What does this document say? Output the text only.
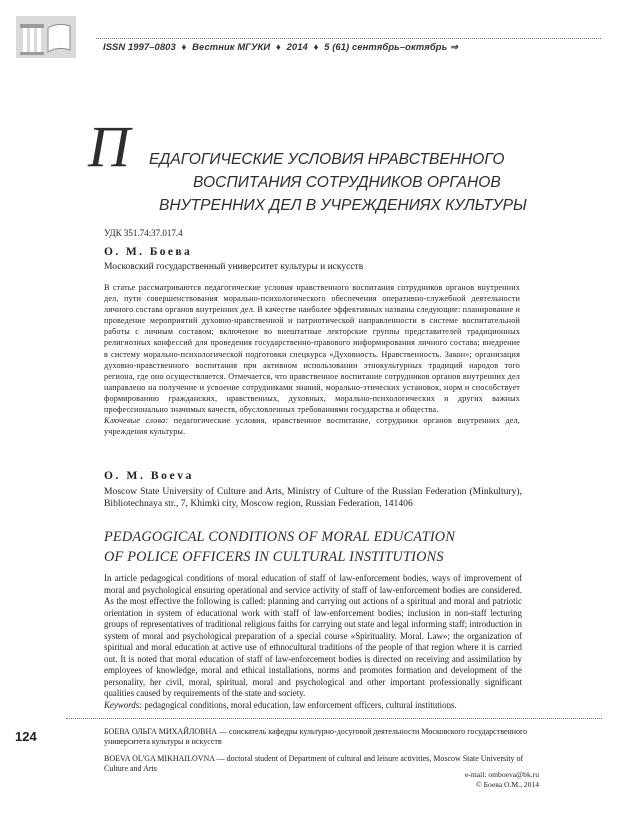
ISSN 1997–0803 ♦ Вестник МГУКИ ♦ 2014 ♦ 5 (61) сентябрь–октябрь ⇒
П ЕДАГОГИЧЕСКИЕ УСЛОВИЯ НРАВСТВЕННОГО
ВОСПИТАНИЯ СОТРУДНИКОВ ОРГАНОВ
ВНУТРЕННИХ ДЕЛ В УЧРЕЖДЕНИЯХ КУЛЬТУРЫ
УДК 351.74:37.017.4
О. М. Боева
Московский государственный университет культуры и искусств
В статье рассматриваются педагогические условия нравственного воспитания сотрудников органов внутренних дел, пути совершенствования морально-психологического обеспечения оперативно-служебной деятельности личного состава органов внутренних дел. В качестве наиболее эффективных названы следующие: планирование и проведение мероприятий духовно-нравственной и патриотической направленности в системе воспитательной работы с личным составом; включение во внештатные лекторские группы представителей традиционных религиозных конфессий для проведения государственно-правового информирования личного состава; внедрение в систему морально-психологической подготовки спецкурса «Духовность. Нравственность. Закон»; организация духовно-нравственного воспитания при активном использовании этнокультурных традиций народов того региона, где оно осуществляется. Отмечается, что нравственное воспитание сотрудников органов внутренних дел направлено на получение и усвоение сотрудниками знаний, морально-этических установок, норм и способствует формированию гражданских, нравственных, духовных, морально-психологических и других важных профессионально значимых качеств, обусловленных требованиями государства и общества.
Ключевые слова: педагогические условия, нравственное воспитание, сотрудники органов внутренних дел, учреждения культуры.
O. M. Boeva
Moscow State University of Culture and Arts, Ministry of Culture of the Russian Federation (Minkultury), Bibliotechnaya str., 7, Khimki city, Moscow region, Russian Federation, 141406
PEDAGOGICAL CONDITIONS OF MORAL EDUCATION
OF POLICE OFFICERS IN CULTURAL INSTITUTIONS
In article pedagogical conditions of moral education of staff of law-enforcement bodies, ways of improvement of moral and psychological ensuring operational and service activity of staff of law-enforcement bodies are considered. As the most effective the following is called: planning and carrying out actions of a spiritual and moral and patriotic orientation in system of educational work with staff of law-enforcement bodies; inclusion in non-staff lecturing groups of representatives of traditional religious faiths for carrying out state and legal informing staff; introduction in system of moral and psychological preparation of a special course «Spirituality. Moral. Law»; the organization of spiritual and moral education at active use of ethnocultural traditions of the people of that region where it is carried out. It is noted that moral education of staff of law-enforcement bodies is directed on receiving and assimilation by employees of knowledge, moral and ethical installations, norms and promotes formation and development of the personality, her civil, moral, spiritual, moral and psychological and other important professionally significant qualities caused by requirements of the state and society.
Keywords: pedagogical conditions, moral education, law enforcement officers, cultural institutions.
124	БОЕВА ОЛЬГА МИХАЙЛОВНА — соискатель кафедры культурно-досуговой деятельности Московского государственного университета культуры и искусств
BOEVA OL'GA MIKHAILOVNA — doctoral student of Department of cultural and leisure activities, Moscow State University of Culture and Arts
e-mail: omboeva@bk.ru
© Боева О.М., 2014
